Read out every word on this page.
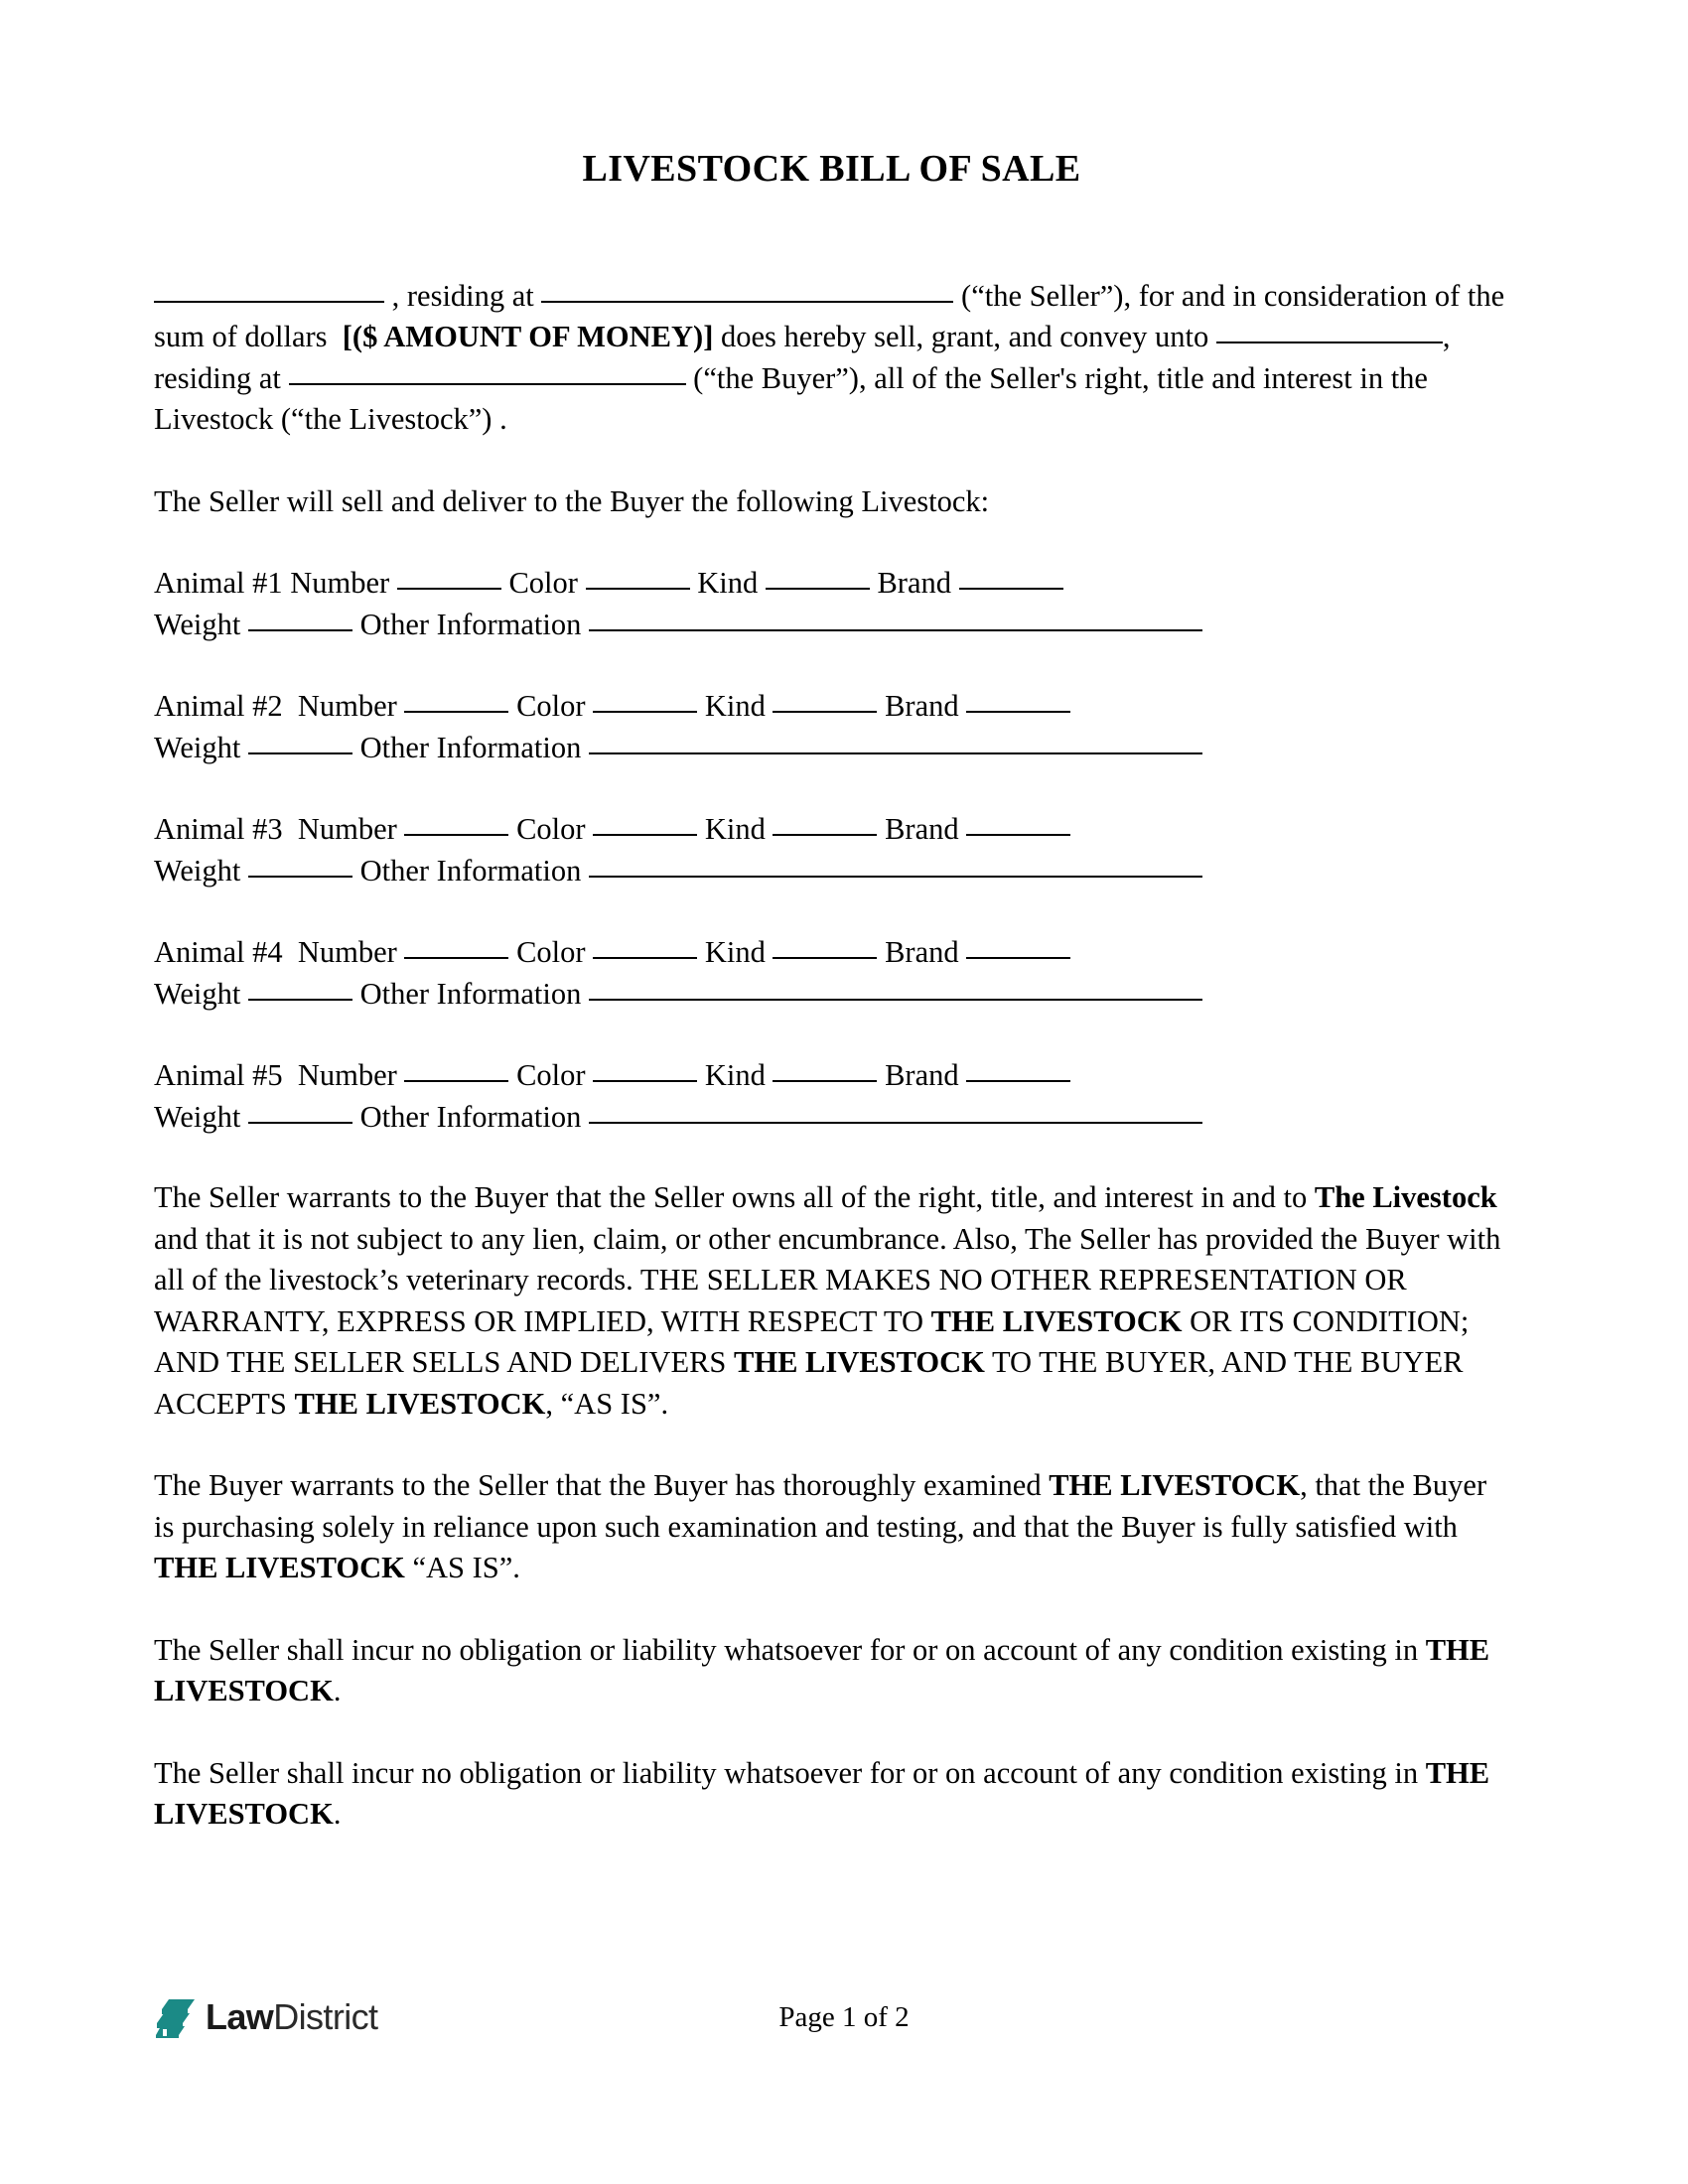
LIVESTOCK BILL OF SALE

, residing at	(“the Seller”), for and in consideration of the sum of dollars  [($ AMOUNT OF MONEY)] does hereby sell, grant, and convey unto	, residing at	(“the Buyer”), all of the Seller's right, title and interest in the Livestock (“the Livestock”) .

The Seller will sell and deliver to the Buyer the following Livestock:

Animal #1 Number	Color	Kind	Brand
Weight	Other Information
Animal #2  Number	Color	Kind	Brand
Weight	Other Information
Animal #3  Number	Color	Kind	Brand
Weight	Other Information
Animal #4  Number	Color	Kind	Brand
Weight	Other Information
Animal #5  Number	Color	Kind	Brand
Weight	Other Information

The Seller warrants to the Buyer that the Seller owns all of the right, title, and interest in and to The Livestock and that it is not subject to any lien, claim, or other encumbrance. Also, The Seller has provided the Buyer with all of the livestock’s veterinary records. THE SELLER MAKES NO OTHER REPRESENTATION OR WARRANTY, EXPRESS OR IMPLIED, WITH RESPECT TO THE LIVESTOCK OR ITS CONDITION; AND THE SELLER SELLS AND DELIVERS THE LIVESTOCK TO THE BUYER, AND THE BUYER ACCEPTS THE LIVESTOCK, “AS IS”.

The Buyer warrants to the Seller that the Buyer has thoroughly examined THE LIVESTOCK, that the Buyer is purchasing solely in reliance upon such examination and testing, and that the Buyer is fully satisfied with THE LIVESTOCK “AS IS”.

The Seller shall incur no obligation or liability whatsoever for or on account of any condition existing in THE LIVESTOCK.

The Seller shall incur no obligation or liability whatsoever for or on account of any condition existing in THE LIVESTOCK.

LawDistrict	Page 1 of 2
